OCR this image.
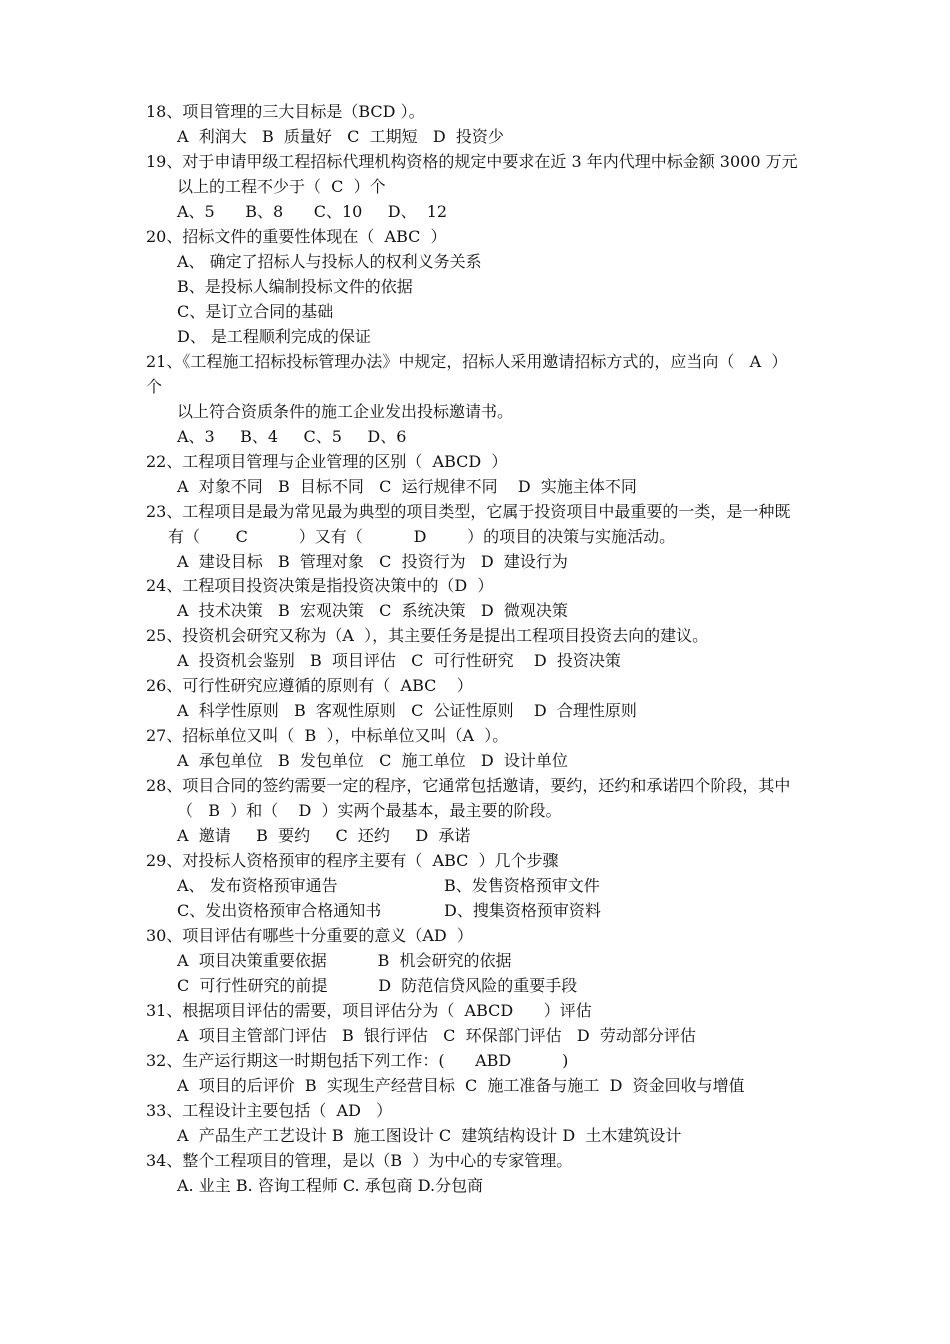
18、项目管理的三大目标是（BCD ）。
A  利润大   B  质量好   C  工期短   D  投资少
19、对于申请甲级工程招标代理机构资格的规定中要求在近 3 年内代理中标金额 3000 万元
以上的工程不少于（  C  ）个
A、5      B、8      C、10     D、  12
20、招标文件的重要性体现在（  ABC  ）
A、 确定了招标人与投标人的权利义务关系
B、是投标人编制投标文件的依据
C、是订立合同的基础
D、 是工程顺利完成的保证
21、《工程施工招标投标管理办法》中规定，招标人采用邀请招标方式的，应当向（   A  ）
个
以上符合资质条件的施工企业发出投标邀请书。
A、3     B、4     C、5     D、6
22、工程项目管理与企业管理的区别（  ABCD  ）
A  对象不同   B  目标不同   C  运行规律不同    D  实施主体不同
23、工程项目是最为常见最为典型的项目类型，它属于投资项目中最重要的一类，是一种既
有（       C          ）又有（          D        ）的项目的决策与实施活动。
A  建设目标   B  管理对象   C  投资行为   D  建设行为
24、工程项目投资决策是指投资决策中的（D  ）
A  技术决策   B  宏观决策   C  系统决策   D  微观决策
25、投资机会研究又称为（A  ），其主要任务是提出工程项目投资去向的建议。
A  投资机会鉴别   B  项目评估   C  可行性研究    D  投资决策
26、可行性研究应遵循的原则有（  ABC    ）
A  科学性原则   B  客观性原则   C  公证性原则    D  合理性原则
27、招标单位又叫（  B  ），中标单位又叫（A  ）。
A  承包单位   B  发包单位   C  施工单位   D  设计单位
28、项目合同的签约需要一定的程序，它通常包括邀请，要约，还约和承诺四个阶段，其中
（   B  ）和（    D  ）实两个最基本，最主要的阶段。
A  邀请     B  要约     C  还约     D  承诺
29、对投标人资格预审的程序主要有（  ABC  ）几个步骤
A、 发布资格预审通告	B、发售资格预审文件
C、发出资格预审合格通知书	D、搜集资格预审资料
30、项目评估有哪些十分重要的意义（AD  ）
A  项目决策重要依据          B  机会研究的依据
C  可行性研究的前提          D  防范信贷风险的重要手段
31、根据项目评估的需要，项目评估分为（  ABCD      ）评估
A  项目主管部门评估   B  银行评估   C  环保部门评估   D  劳动部分评估
32、生产运行期这一时期包括下列工作：(      ABD          )
A  项目的后评价  B  实现生产经营目标  C  施工准备与施工  D  资金回收与增值
33、工程设计主要包括（  AD   ）
A  产品生产工艺设计 B  施工图设计 C  建筑结构设计 D  土木建筑设计
34、整个工程项目的管理，是以（B  ）为中心的专家管理。
A. 业主 B. 咨询工程师 C. 承包商 D.分包商
